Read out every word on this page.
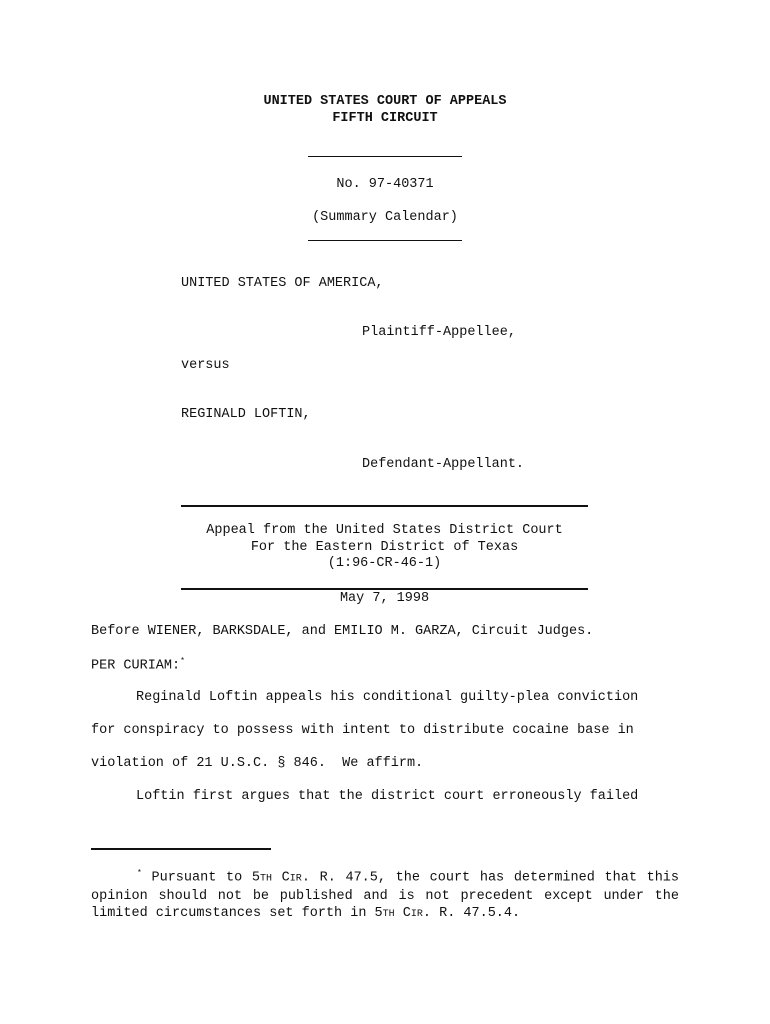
UNITED STATES COURT OF APPEALS
FIFTH CIRCUIT
No. 97-40371
(Summary Calendar)
UNITED STATES OF AMERICA,
Plaintiff-Appellee,
versus
REGINALD LOFTIN,
Defendant-Appellant.
Appeal from the United States District Court
For the Eastern District of Texas
(1:96-CR-46-1)
May 7, 1998
Before WIENER, BARKSDALE, and EMILIO M. GARZA, Circuit Judges.
PER CURIAM:*
Reginald Loftin appeals his conditional guilty-plea conviction
for conspiracy to possess with intent to distribute cocaine base in
violation of 21 U.S.C. § 846.  We affirm.
Loftin first argues that the district court erroneously failed
* Pursuant to 5TH CIR. R. 47.5, the court has determined that this opinion should not be published and is not precedent except under the limited circumstances set forth in 5TH CIR. R. 47.5.4.
